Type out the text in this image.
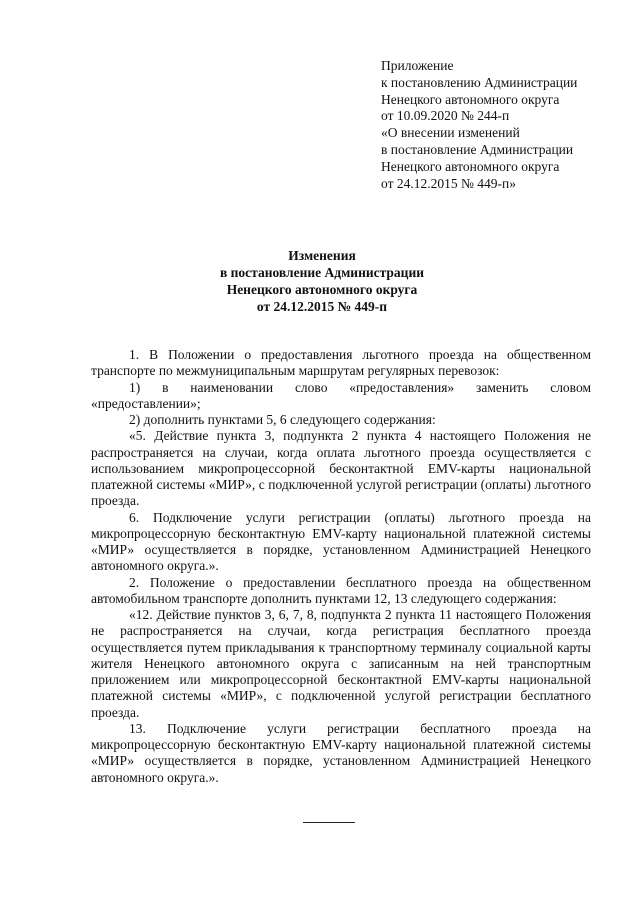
Приложение
к постановлению Администрации
Ненецкого автономного округа
от 10.09.2020 № 244-п
«О внесении изменений
в постановление Администрации
Ненецкого автономного округа
от 24.12.2015 № 449-п»
Изменения
в постановление Администрации
Ненецкого автономного округа
от 24.12.2015 № 449-п

1. В Положении о предоставления льготного проезда на общественном транспорте по межмуниципальным маршрутам регулярных перевозок:

1) в наименовании слово «предоставления» заменить словом «предоставлении»;

2) дополнить пунктами 5, 6 следующего содержания:

«5. Действие пункта 3, подпункта 2 пункта 4 настоящего Положения не распространяется на случаи, когда оплата льготного проезда осуществляется с использованием микропроцессорной бесконтактной EMV-карты национальной платежной системы «МИР», с подключенной услугой регистрации (оплаты) льготного проезда.

6. Подключение услуги регистрации (оплаты) льготного проезда на микропроцессорную бесконтактную EMV-карту национальной платежной системы «МИР» осуществляется в порядке, установленном Администрацией Ненецкого автономного округа.».

2. Положение о предоставлении бесплатного проезда на общественном автомобильном транспорте дополнить пунктами 12, 13 следующего содержания:

«12. Действие пунктов 3, 6, 7, 8, подпункта 2 пункта 11 настоящего Положения не распространяется на случаи, когда регистрация бесплатного проезда осуществляется путем прикладывания к транспортному терминалу социальной карты жителя Ненецкого автономного округа с записанным на ней транспортным приложением или микропроцессорной бесконтактной EMV-карты национальной платежной системы «МИР», с подключенной услугой регистрации бесплатного проезда.

13. Подключение услуги регистрации бесплатного проезда на микропроцессорную бесконтактную EMV-карту национальной платежной системы «МИР» осуществляется в порядке, установленном Администрацией Ненецкого автономного округа.».
